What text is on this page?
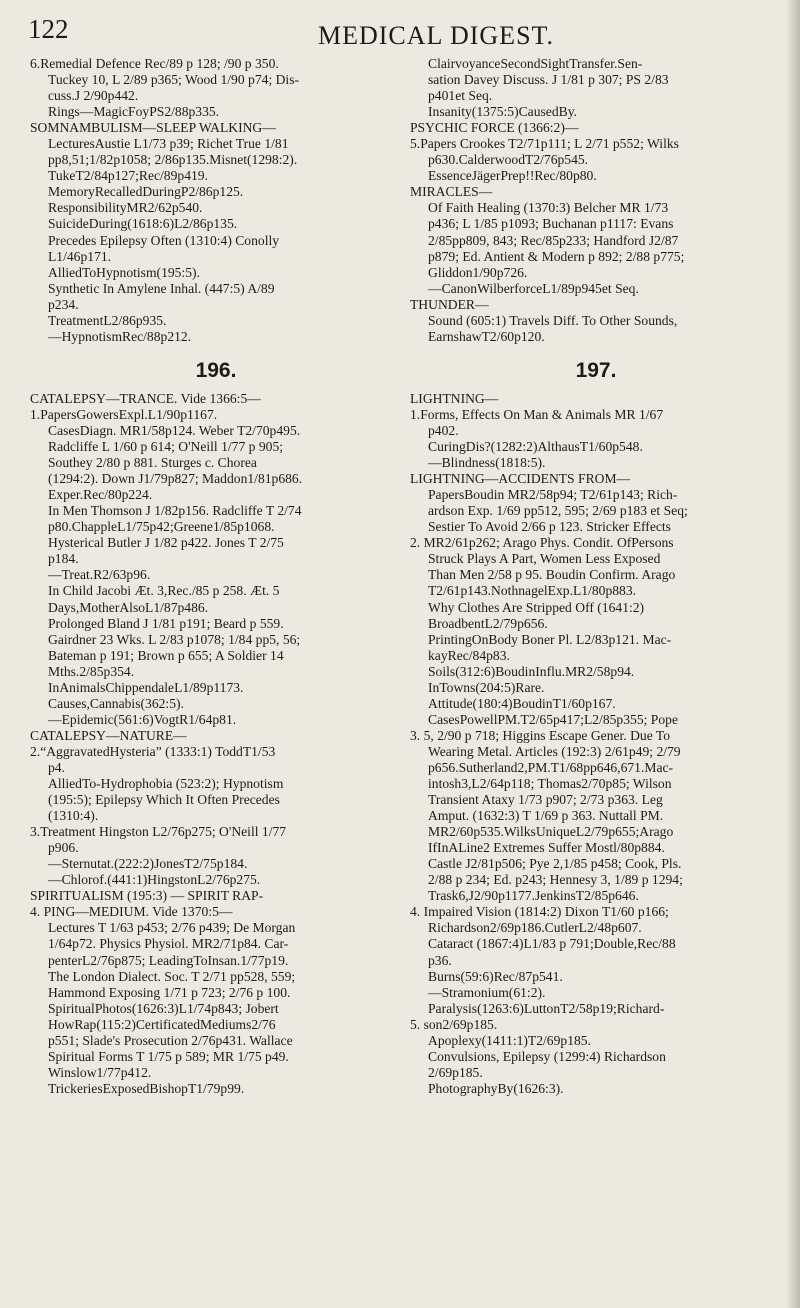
122	MEDICAL DIGEST.
6.Remedial Defence Rec/89 p 128; /90 p 350.
Tuckey 10, L 2/89 p365; Wood 1/90 p74; Dis-
cuss.J 2/90p442.
Rings—MagicFoyPS2/88p335.
SOMNAMBULISM—SLEEP WALKING—
LecturesAustie L1/73 p39; Richet True 1/81
pp8,51;1/82p1058; 2/86p135.Misnet(1298:2).
TukeT2/84p127;Rec/89p419.
MemoryRecalledDuringP2/86p125.
ResponsibilityMR2/62p540.
SuicideDuring(1618:6)L2/86p135.
Precedes Epilepsy Often (1310:4) Conolly
L1/46p171.
AlliedToHypnotism(195:5).
Synthetic In Amylene Inhal. (447:5) A/89
p234.
TreatmentL2/86p935.
—HypnotismRec/88p212.
196.
CATALEPSY—TRANCE. Vide 1366:5—
1.PapersGowersExpl.L1/90p1167.
CasesDiagn. MR1/58p124. Weber T2/70p495.
Radcliffe L 1/60 p 614; O'Neill 1/77 p 905;
Southey 2/80 p 881. Sturges c. Chorea
(1294:2). Down J1/79p827; Maddon1/81p686.
Exper.Rec/80p224.
In Men Thomson J 1/82p156. Radcliffe T 2/74
p80.ChappleL1/75p42;Greene1/85p1068.
Hysterical Butler J 1/82 p422. Jones T 2/75
p184.
—Treat.R2/63p96.
In Child Jacobi Æt. 3,Rec./85 p 258. Æt. 5
Days,MotherAlsoL1/87p486.
Prolonged Bland J 1/81 p191; Beard p 559.
Gairdner 23 Wks. L 2/83 p1078; 1/84 pp5, 56;
Bateman p 191; Brown p 655; A Soldier 14
Mths.2/85p354.
InAnimalsChippendaleL1/89p1173.
Causes,Cannabis(362:5).
—Epidemic(561:6)VogtR1/64p81.
CATALEPSY—NATURE—
2.“AggravatedHysteria” (1333:1) ToddT1/53
p4.
AlliedTo-Hydrophobia (523:2); Hypnotism
(195:5); Epilepsy Which It Often Precedes
(1310:4).
3.Treatment Hingston L2/76p275; O'Neill 1/77
p906.
—Sternutat.(222:2)JonesT2/75p184.
—Chlorof.(441:1)HingstonL2/76p275.
SPIRITUALISM (195:3) — SPIRIT RAP-
4. PING—MEDIUM. Vide 1370:5—
Lectures T 1/63 p453; 2/76 p439; De Morgan
1/64p72. Physics Physiol. MR2/71p84. Car-
penterL2/76p875; LeadingToInsan.1/77p19.
The London Dialect. Soc. T 2/71 pp528, 559;
Hammond Exposing 1/71 p 723; 2/76 p 100.
SpiritualPhotos(1626:3)L1/74p843; Jobert
HowRap(115:2)CertificatedMediums2/76
p551; Slade's Prosecution 2/76p431. Wallace
Spiritual Forms T 1/75 p 589; MR 1/75 p49.
Winslow1/77p412.
TrickeriesExposedBishopT1/79p99.
ClairvoyanceSecondSightTransfer.Sen-
sation Davey Discuss. J 1/81 p 307; PS 2/83
p401et Seq.
Insanity(1375:5)CausedBy.
PSYCHIC FORCE (1366:2)—
5.Papers Crookes T2/71p111; L 2/71 p552; Wilks
p630.CalderwoodT2/76p545.
EssenceJägerPrep!!Rec/80p80.
MIRACLES—
Of Faith Healing (1370:3) Belcher MR 1/73
p436; L 1/85 p1093; Buchanan p1117: Evans
2/85pp809, 843; Rec/85p233; Handford J2/87
p879; Ed. Antient & Modern p 892; 2/88 p775;
Gliddon1/90p726.
—CanonWilberforceL1/89p945et Seq.
THUNDER—
Sound (605:1) Travels Diff. To Other Sounds,
EarnshawT2/60p120.
197.
LIGHTNING—
1.Forms, Effects On Man & Animals MR 1/67
p402.
CuringDis?(1282:2)AlthausT1/60p548.
—Blindness(1818:5).
LIGHTNING—ACCIDENTS FROM—
PapersBoudin MR2/58p94; T2/61p143; Rich-
ardson Exp. 1/69 pp512, 595; 2/69 p183 et Seq;
Sestier To Avoid 2/66 p 123. Stricker Effects
2. MR2/61p262; Arago Phys. Condit. OfPersons
Struck Plays A Part, Women Less Exposed
Than Men 2/58 p 95. Boudin Confirm. Arago
T2/61p143.NothnagelExp.L1/80p883.
Why Clothes Are Stripped Off (1641:2)
BroadbentL2/79p656.
PrintingOnBody Boner Pl. L2/83p121. Mac-
kayRec/84p83.
Soils(312:6)BoudinInflu.MR2/58p94.
InTowns(204:5)Rare.
Attitude(180:4)BoudinT1/60p167.
CasesPowellPM.T2/65p417;L2/85p355; Pope
3. 5, 2/90 p 718; Higgins Escape Gener. Due To
Wearing Metal. Articles (192:3) 2/61p49; 2/79
p656.Sutherland2,PM.T1/68pp646,671.Mac-
intosh3,L2/64p118; Thomas2/70p85; Wilson
Transient Ataxy 1/73 p907; 2/73 p363. Leg
Amput. (1632:3) T 1/69 p 363. Nuttall PM.
MR2/60p535.WilksUniqueL2/79p655;Arago
IfInALine2 Extremes Suffer Mostl/80p884.
Castle J2/81p506; Pye 2,1/85 p458; Cook, Pls.
2/88 p 234; Ed. p243; Hennesy 3, 1/89 p 1294;
Trask6,J2/90p1177.JenkinsT2/85p646.
4. Impaired Vision (1814:2) Dixon T1/60 p166;
Richardson2/69p186.CutlerL2/48p607.
Cataract (1867:4)L1/83 p 791;Double,Rec/88
p36.
Burns(59:6)Rec/87p541.
—Stramonium(61:2).
Paralysis(1263:6)LuttonT2/58p19;Richard-
5. son2/69p185.
Apoplexy(1411:1)T2/69p185.
Convulsions, Epilepsy (1299:4) Richardson
2/69p185.
PhotographyBy(1626:3).
